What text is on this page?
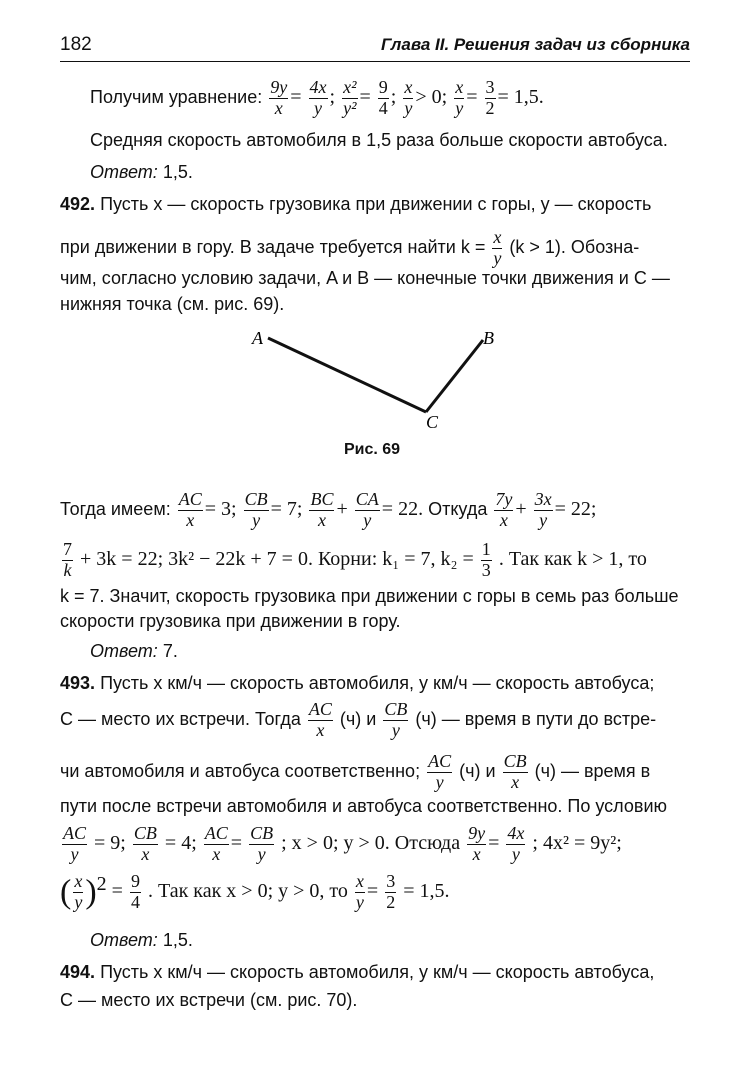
182	Глава II. Решения задач из сборника
Получим уравнение: $\frac{9y}{x} = \frac{4x}{y}$ ; $\frac{\text{x²}}{\text{y²}} = \frac{9}{4}$ ; $\frac{x}{y} > 0$; $\frac{x}{y} = \frac{3}{2} = 1,5$.
Средняя скорость автомобиля в 1,5 раза больше скорости автобуса.
Ответ: 1,5.
492. Пусть x — скорость грузовика при движении с горы, y — скорость
при движении в гору. В задаче требуется найти $k = \frac{x}{y} (k > 1)$. Обозна-
чим, согласно условию задачи, A и B — конечные точки движения и C —
нижняя точка (см. рис. 69).
A	B
C
Рис. 69
Тогда имеем: $\frac{AC}{x} = 3$; $\frac{CB}{y} = 7$; $\frac{BC}{x} + \frac{CA}{y} = 22$. Откуда $\frac{7y}{x} + \frac{3x}{y} = 22$;
$\frac{7}{k} + 3k = 22$; 3k² − 22k + 7 = 0. Корни: k₁ = 7, $k_2 = \frac{1}{3}$ . Так как k > 1, то
k = 7. Значит, скорость грузовика при движении с горы в семь раз больше
скорости грузовика при движении в гору.
Ответ: 7.
493. Пусть x км/ч — скорость автомобиля, y км/ч — скорость автобуса;
C — место их встречи. Тогда $\frac{AC}{x} (ч)$ и $\frac{CB}{y} (ч)$ — время в пути до встре-
чи автомобиля и автобуса соответственно; $\frac{AC}{y} (ч)$ и $\frac{CB}{x} (ч)$ — время в
пути после встречи автомобиля и автобуса соответственно. По условию
$\frac{AC}{y} = 9$; $\frac{CB}{x} = 4$; $\frac{AC}{x} = \frac{CB}{y}$ ; x > 0; y > 0. Отсюда $\frac{9y}{x} = \frac{4x}{y}$ ; 4x² = 9y²;
( $\frac{x}{y} )^2 = \frac{9}{4}$ . Так как x > 0; y > 0, то $\frac{x}{y} = \frac{3}{2} = 1,5$.
Ответ: 1,5.
494. Пусть x км/ч — скорость автомобиля, y км/ч — скорость автобуса,
C — место их встречи (см. рис. 70).
